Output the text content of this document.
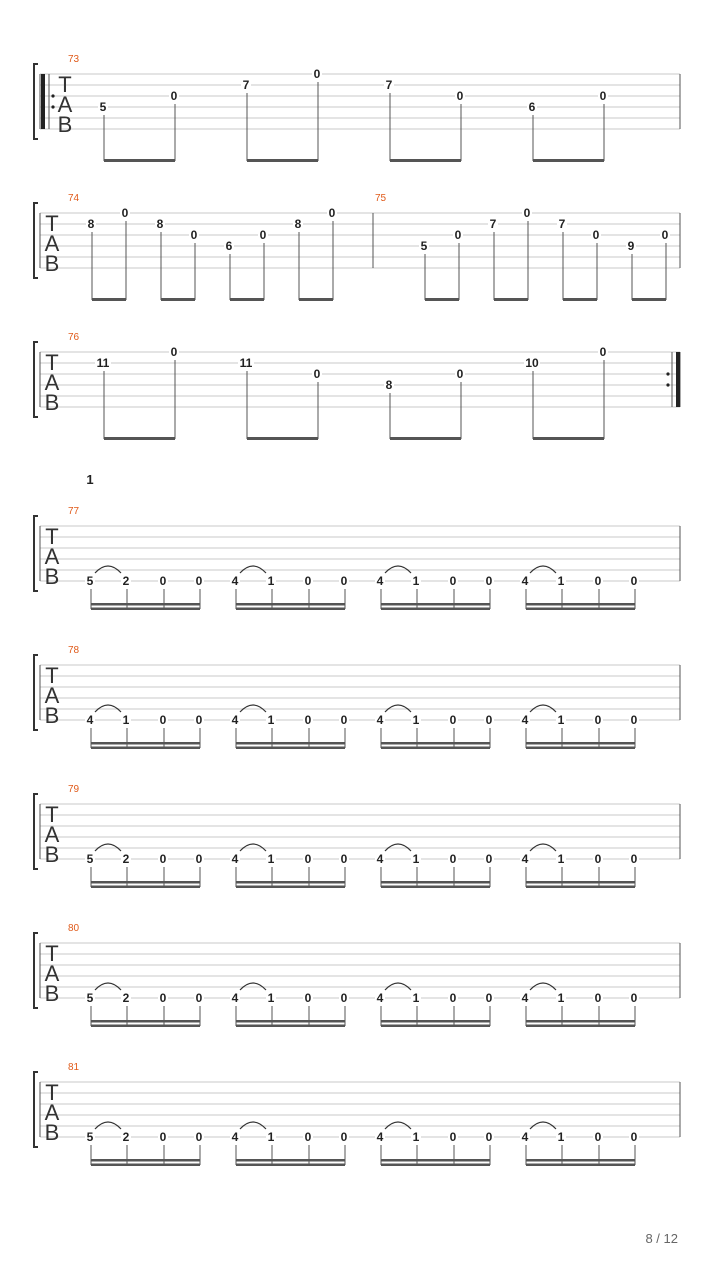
T
A
B
73
5
0
7
0
7
0
6
0
T
A
B
74
8
0
8
0
6
0
8
0
75
5
0
7
0
7
0
9
0
T
A
B
76
11
0
11
0
8
0
10
0
T
A
B
1
77
5 2	0 0 4 1	0 0 4 1	0 0 4 1	0 0
T
A
B
78
4 1	0 0 4 1	0 0 4 1	0 0 4 1	0 0
T
A
B
79
5 2	0 0 4 1	0 0 4 1	0 0 4 1	0 0
T
A
B
80
5 2	0 0 4 1	0 0 4 1	0 0 4 1	0 0
T
A
B
81
5 2	0 0 4 1	0 0 4 1	0 0 4 1	0 0
8 / 12
